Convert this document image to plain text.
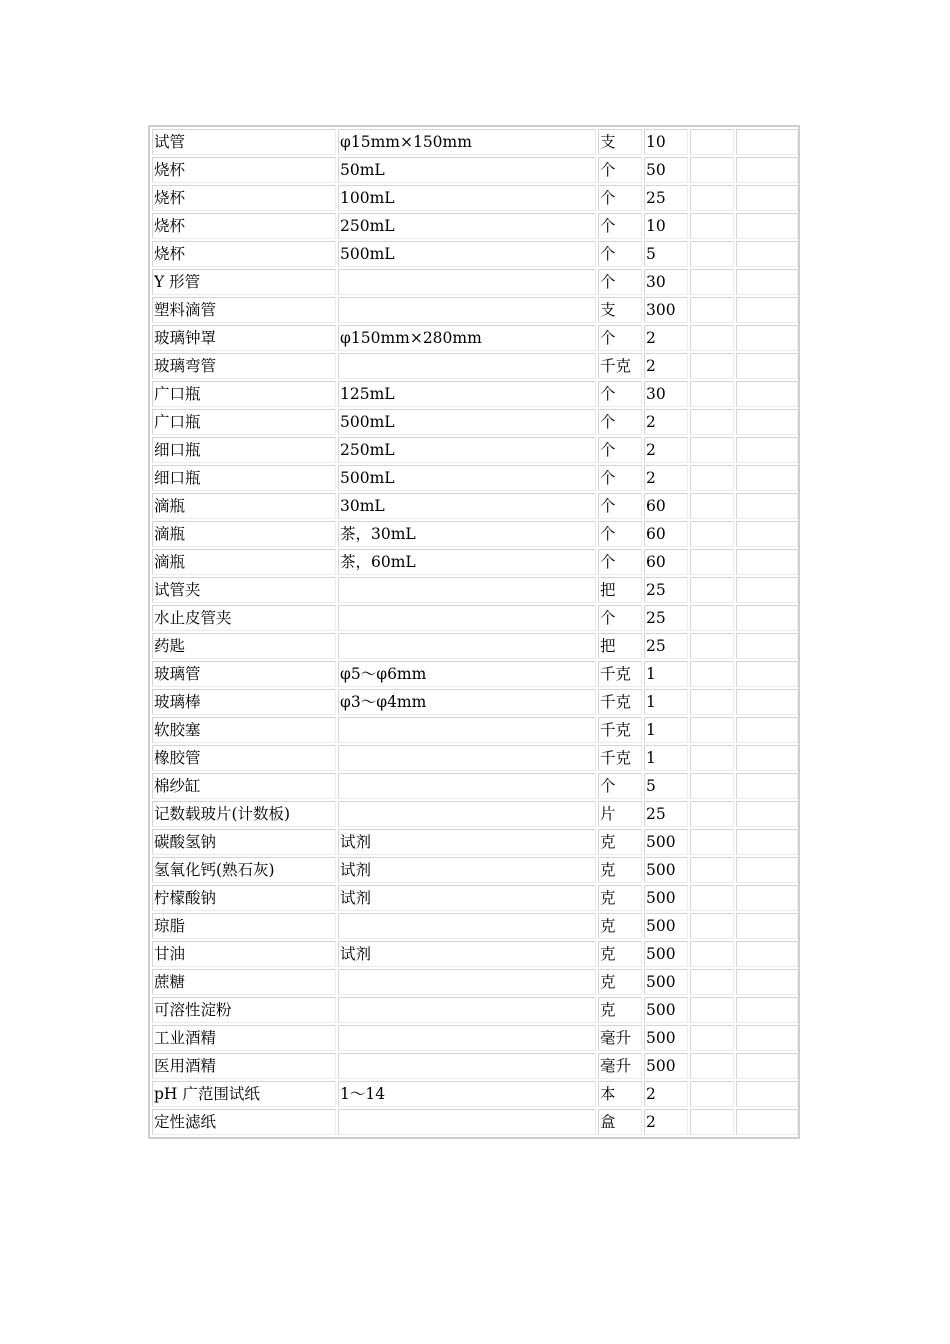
试管	φ15mm×150mm	支	10		
烧杯	50mL	个	50		
烧杯	100mL	个	25		
烧杯	250mL	个	10		
烧杯	500mL	个	5		
Y 形管		个	30		
塑料滴管		支	300		
玻璃钟罩	φ150mm×280mm	个	2		
玻璃弯管		千克	2		
广口瓶	125mL	个	30		
广口瓶	500mL	个	2		
细口瓶	250mL	个	2		
细口瓶	500mL	个	2		
滴瓶	30mL	个	60		
滴瓶	茶，30mL	个	60		
滴瓶	茶，60mL	个	60		
试管夹		把	25		
水止皮管夹		个	25		
药匙		把	25		
玻璃管	φ5～φ6mm	千克	1		
玻璃棒	φ3～φ4mm	千克	1		
软胶塞		千克	1		
橡胶管		千克	1		
棉纱缸		个	5		
记数载玻片(计数板)		片	25		
碳酸氢钠	试剂	克	500		
氢氧化钙(熟石灰)	试剂	克	500		
柠檬酸钠	试剂	克	500		
琼脂		克	500		
甘油	试剂	克	500		
蔗糖		克	500		
可溶性淀粉		克	500		
工业酒精		毫升	500		
医用酒精		毫升	500		
pH 广范围试纸	1～14	本	2		
定性滤纸		盒	2		
